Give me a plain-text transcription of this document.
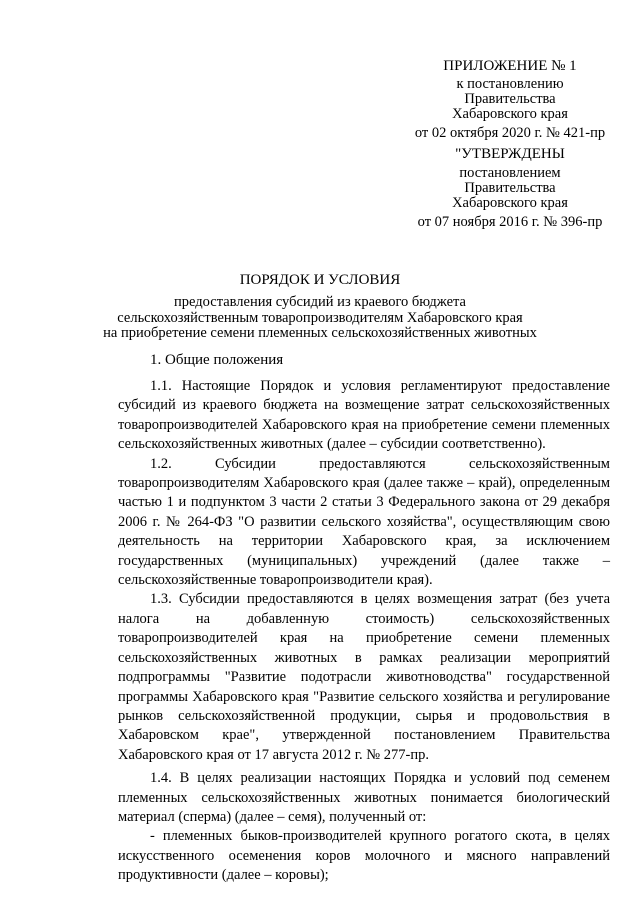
ПРИЛОЖЕНИЕ № 1
к постановлению
Правительства
Хабаровского края
от 02 октября 2020 г. № 421-пр
"УТВЕРЖДЕНЫ
постановлением
Правительства
Хабаровского края
от 07 ноября 2016 г. № 396-пр
ПОРЯДОК И УСЛОВИЯ
предоставления субсидий из краевого бюджета
сельскохозяйственным товаропроизводителям Хабаровского края
на приобретение семени племенных сельскохозяйственных животных
1. Общие положения

1.1. Настоящие Порядок и условия регламентируют предоставление субсидий из краевого бюджета на возмещение затрат сельскохозяйственных товаропроизводителей Хабаровского края на приобретение семени племенных сельскохозяйственных животных (далее – субсидии соответственно).

1.2. Субсидии предоставляются сельскохозяйственным товаропроизводителям Хабаровского края (далее также – край), определенным частью 1 и подпунктом 3 части 2 статьи 3 Федерального закона от 29 декабря 2006 г. № 264-ФЗ "О развитии сельского хозяйства", осуществляющим свою деятельность на территории Хабаровского края, за исключением государственных (муниципальных) учреждений (далее также – сельскохозяйственные товаропроизводители края).

1.3. Субсидии предоставляются в целях возмещения затрат (без учета налога на добавленную стоимость) сельскохозяйственных товаропроизводителей края на приобретение семени племенных сельскохозяйственных животных в рамках реализации мероприятий подпрограммы "Развитие подотрасли животноводства" государственной программы Хабаровского края "Развитие сельского хозяйства и регулирование рынков сельскохозяйственной продукции, сырья и продовольствия в Хабаровском крае", утвержденной постановлением Правительства Хабаровского края от 17 августа 2012 г. № 277-пр.

1.4. В целях реализации настоящих Порядка и условий под семенем племенных сельскохозяйственных животных понимается биологический материал (сперма) (далее – семя), полученный от:

- племенных быков-производителей крупного рогатого скота, в целях искусственного осеменения коров молочного и мясного направлений продуктивности (далее – коровы);
